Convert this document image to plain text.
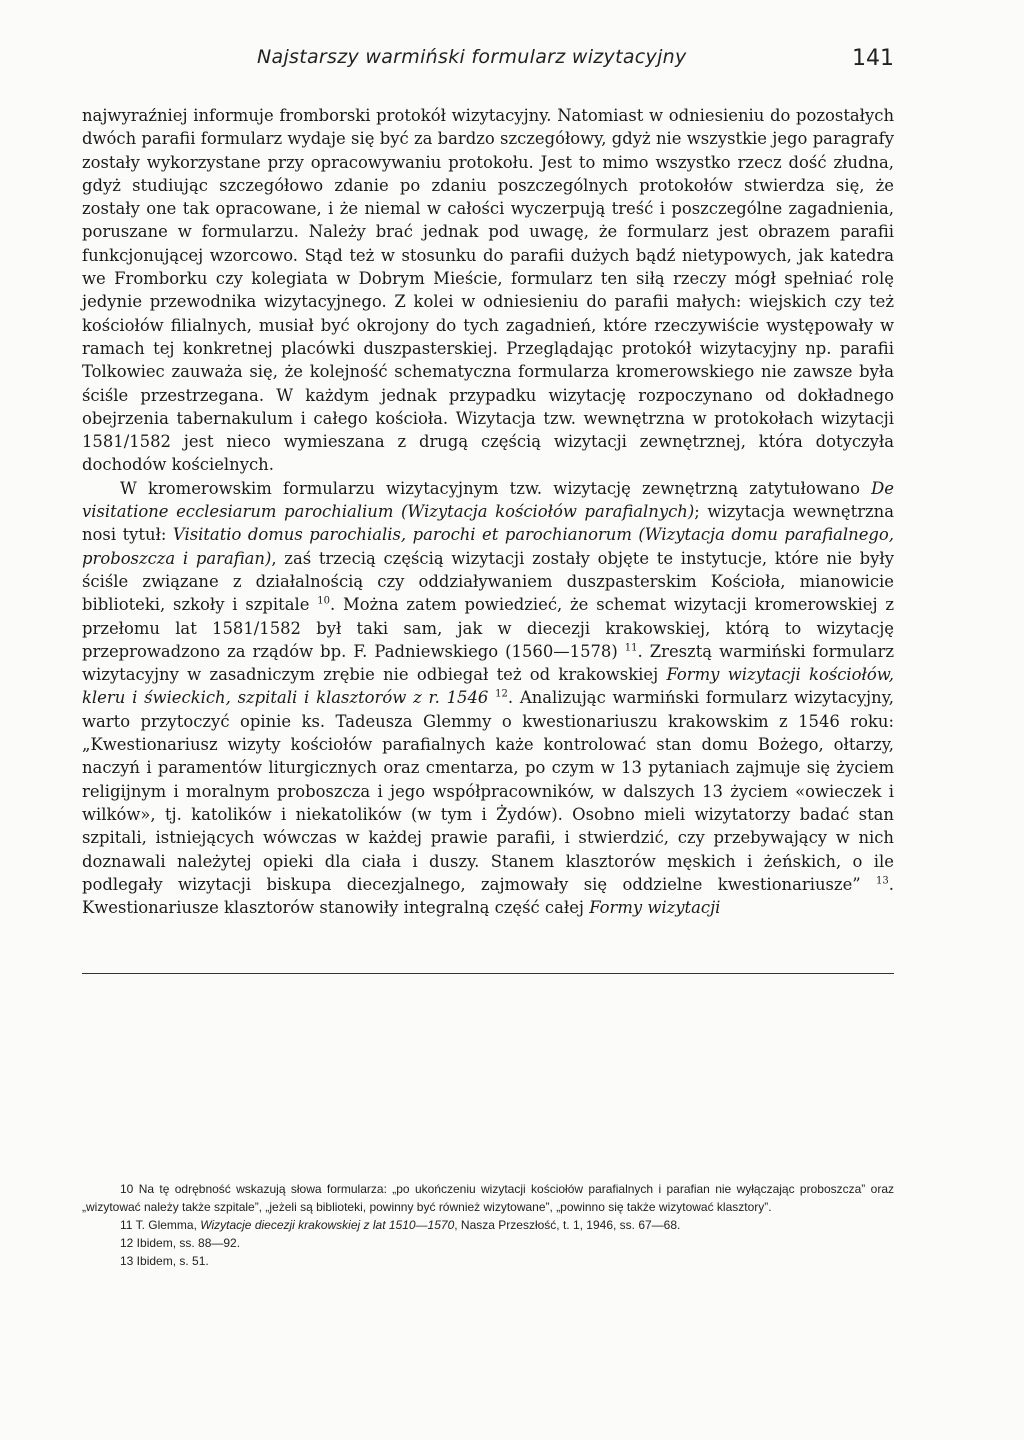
Najstarszy warmiński formularz wizytacyjny	141

najwyraźniej informuje fromborski protokół wizytacyjny. Natomiast w odniesieniu do pozostałych dwóch parafii formularz wydaje się być za bardzo szczegółowy, gdyż nie wszystkie jego paragrafy zostały wykorzystane przy opracowywaniu protokołu. Jest to mimo wszystko rzecz dość złudna, gdyż studiując szczegółowo zdanie po zdaniu poszczególnych protokołów stwierdza się, że zostały one tak opracowane, i że niemal w całości wyczerpują treść i poszczególne zagadnienia, poruszane w formularzu. Należy brać jednak pod uwagę, że formularz jest obrazem parafii funkcjonującej wzorcowo. Stąd też w stosunku do parafii dużych bądź nietypowych, jak katedra we Fromborku czy kolegiata w Dobrym Mieście, formularz ten siłą rzeczy mógł spełniać rolę jedynie przewodnika wizytacyjnego. Z kolei w odniesieniu do parafii małych: wiejskich czy też kościołów filialnych, musiał być okrojony do tych zagadnień, które rzeczywiście występowały w ramach tej konkretnej placówki duszpasterskiej. Przeglądając protokół wizytacyjny np. parafii Tolkowiec zauważa się, że kolejność schematyczna formularza kromerowskiego nie zawsze była ściśle przestrzegana. W każdym jednak przypadku wizytację rozpoczynano od dokładnego obejrzenia tabernakulum i całego kościoła. Wizytacja tzw. wewnętrzna w protokołach wizytacji 1581/1582 jest nieco wymieszana z drugą częścią wizytacji zewnętrznej, która dotyczyła dochodów kościelnych.

W kromerowskim formularzu wizytacyjnym tzw. wizytację zewnętrzną zatytułowano De visitatione ecclesiarum parochialium (Wizytacja kościołów parafialnych); wizytacja wewnętrzna nosi tytuł: Visitatio domus parochialis, parochi et parochianorum (Wizytacja domu parafialnego, proboszcza i parafian), zaś trzecią częścią wizytacji zostały objęte te instytucje, które nie były ściśle związane z działalnością czy oddziaływaniem duszpasterskim Kościoła, mianowicie biblioteki, szkoły i szpitale $^{10}$. Można zatem powiedzieć, że schemat wizytacji kromerowskiej z przełomu lat 1581/1582 był taki sam, jak w diecezji krakowskiej, którą to wizytację przeprowadzono za rządów bp. F. Padniewskiego (1560—1578) $^{11}$. Zresztą warmiński formularz wizytacyjny w zasadniczym zrębie nie odbiegał też od krakowskiej Formy wizytacji kościołów, kleru i świeckich, szpitali i klasztorów z r. 1546 $^{12}$. Analizując warmiński formularz wizytacyjny, warto przytoczyć opinie ks. Tadeusza Glemmy o kwestionariuszu krakowskim z 1546 roku: „Kwestionariusz wizyty kościołów parafialnych każe kontrolować stan domu Bożego, ołtarzy, naczyń i paramentów liturgicznych oraz cmentarza, po czym w 13 pytaniach zajmuje się życiem religijnym i moralnym proboszcza i jego współpracowników, w dalszych 13 życiem «owieczek i wilków», tj. katolików i niekatolików (w tym i Żydów). Osobno mieli wizytatorzy badać stan szpitali, istniejących wówczas w każdej prawie parafii, i stwierdzić, czy przebywający w nich doznawali należytej opieki dla ciała i duszy. Stanem klasztorów męskich i żeńskich, o ile podlegały wizytacji biskupa diecezjalnego, zajmowały się oddzielne kwestionariusze” $^{13}$. Kwestionariusze klasztorów stanowiły integralną część całej Formy wizytacji

10 Na tę odrębność wskazują słowa formularza: „po ukończeniu wizytacji kościołów parafialnych i parafian nie wyłączając proboszcza” oraz „wizytować należy także szpitale”, „jeżeli są biblioteki, powinny być również wizytowane”, „powinno się także wizytować klasztory”.

11 T. Glemma, Wizytacje diecezji krakowskiej z lat 1510—1570, Nasza Przeszłość, t. 1, 1946, ss. 67—68.

12 Ibidem, ss. 88—92.

13 Ibidem, s. 51.
